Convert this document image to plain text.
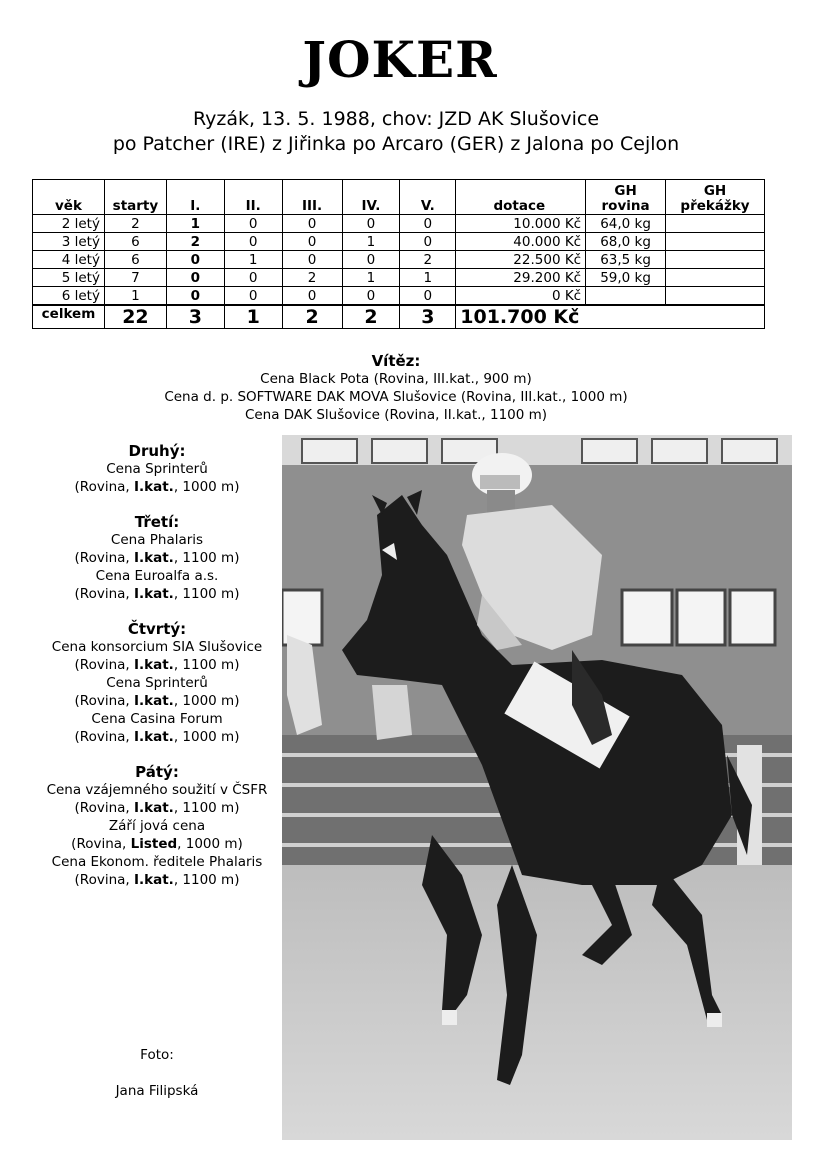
JOKER
Ryzák, 13. 5. 1988, chov: JZD AK Slušovice
po Patcher (IRE) z Jiřinka po Arcaro (GER) z Jalona po Cejlon
věk	starty	I.	II.	III.	IV.	V.	dotace	GH rovina	GH překážky
2 letý	2	1	0	0	0	0	10.000 Kč	64,0 kg	
3 letý	6	2	0	0	1	0	40.000 Kč	68,0 kg	
4 letý	6	0	1	0	0	2	22.500 Kč	63,5 kg	
5 letý	7	0	0	2	1	1	29.200 Kč	59,0 kg	
6 letý	1	0	0	0	0	0	0 Kč		
celkem	22	3	1	2	2	3	101.700 Kč		
Vítěz:
Cena Black Pota (Rovina, III.kat., 900 m)
Cena d. p. SOFTWARE DAK MOVA Slušovice (Rovina, III.kat., 1000 m)
Cena DAK Slušovice (Rovina, II.kat., 1100 m)
Druhý:
Cena Sprinterů
(Rovina, I.kat., 1000 m)
Třetí:
Cena Phalaris
(Rovina, I.kat., 1100 m)
Cena Euroalfa a.s.
(Rovina, I.kat., 1100 m)
Čtvrtý:
Cena konsorcium SIA Slušovice
(Rovina, I.kat., 1100 m)
Cena Sprinterů
(Rovina, I.kat., 1000 m)
Cena Casina Forum
(Rovina, I.kat., 1000 m)
Pátý:
Cena vzájemného soužití v ČSFR
(Rovina, I.kat., 1100 m)
Září jová cena
(Rovina, Listed, 1000 m)
Cena Ekonom. ředitele Phalaris
(Rovina, I.kat., 1100 m)
Foto:
Jana Filipská
